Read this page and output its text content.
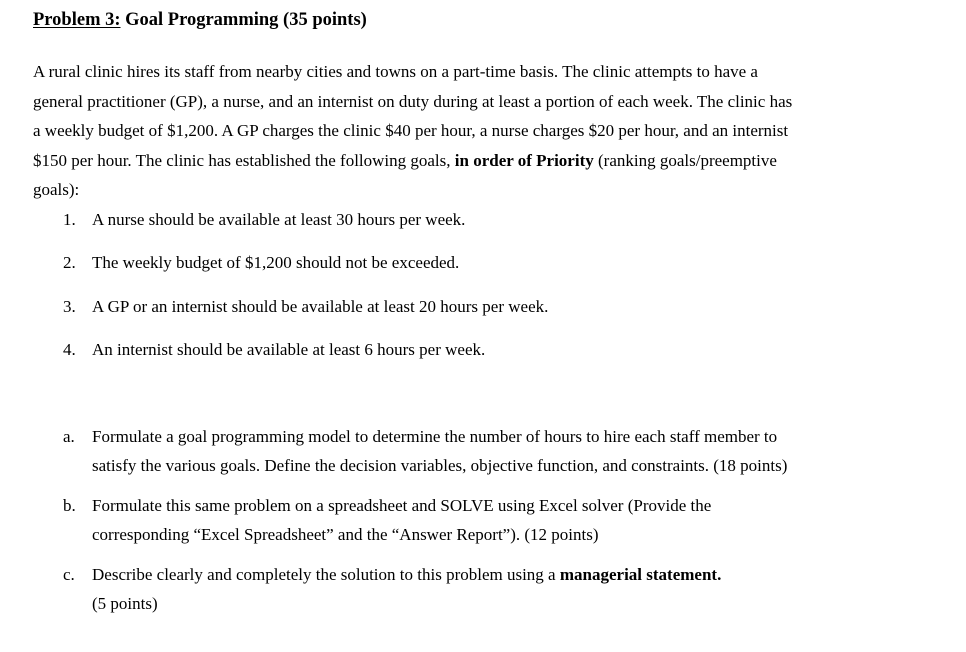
Problem 3: Goal Programming (35 points)

A rural clinic hires its staff from nearby cities and towns on a part-time basis. The clinic attempts to have a
general practitioner (GP), a nurse, and an internist on duty during at least a portion of each week. The clinic has
a weekly budget of $1,200. A GP charges the clinic $40 per hour, a nurse charges $20 per hour, and an internist
$150 per hour. The clinic has established the following goals, in order of Priority (ranking goals/preemptive
goals):

1. A nurse should be available at least 30 hours per week.
2. The weekly budget of $1,200 should not be exceeded.
3. A GP or an internist should be available at least 20 hours per week.
4. An internist should be available at least 6 hours per week.
a.	Formulate a goal programming model to determine the number of hours to hire each staff member to
satisfy the various goals. Define the decision variables, objective function, and constraints. (18 points)
b. Formulate this same problem on a spreadsheet and SOLVE using Excel solver (Provide the
corresponding “Excel Spreadsheet” and the “Answer Report”). (12 points)
c.	Describe clearly and completely the solution to this problem using a managerial statement.
(5 points)
